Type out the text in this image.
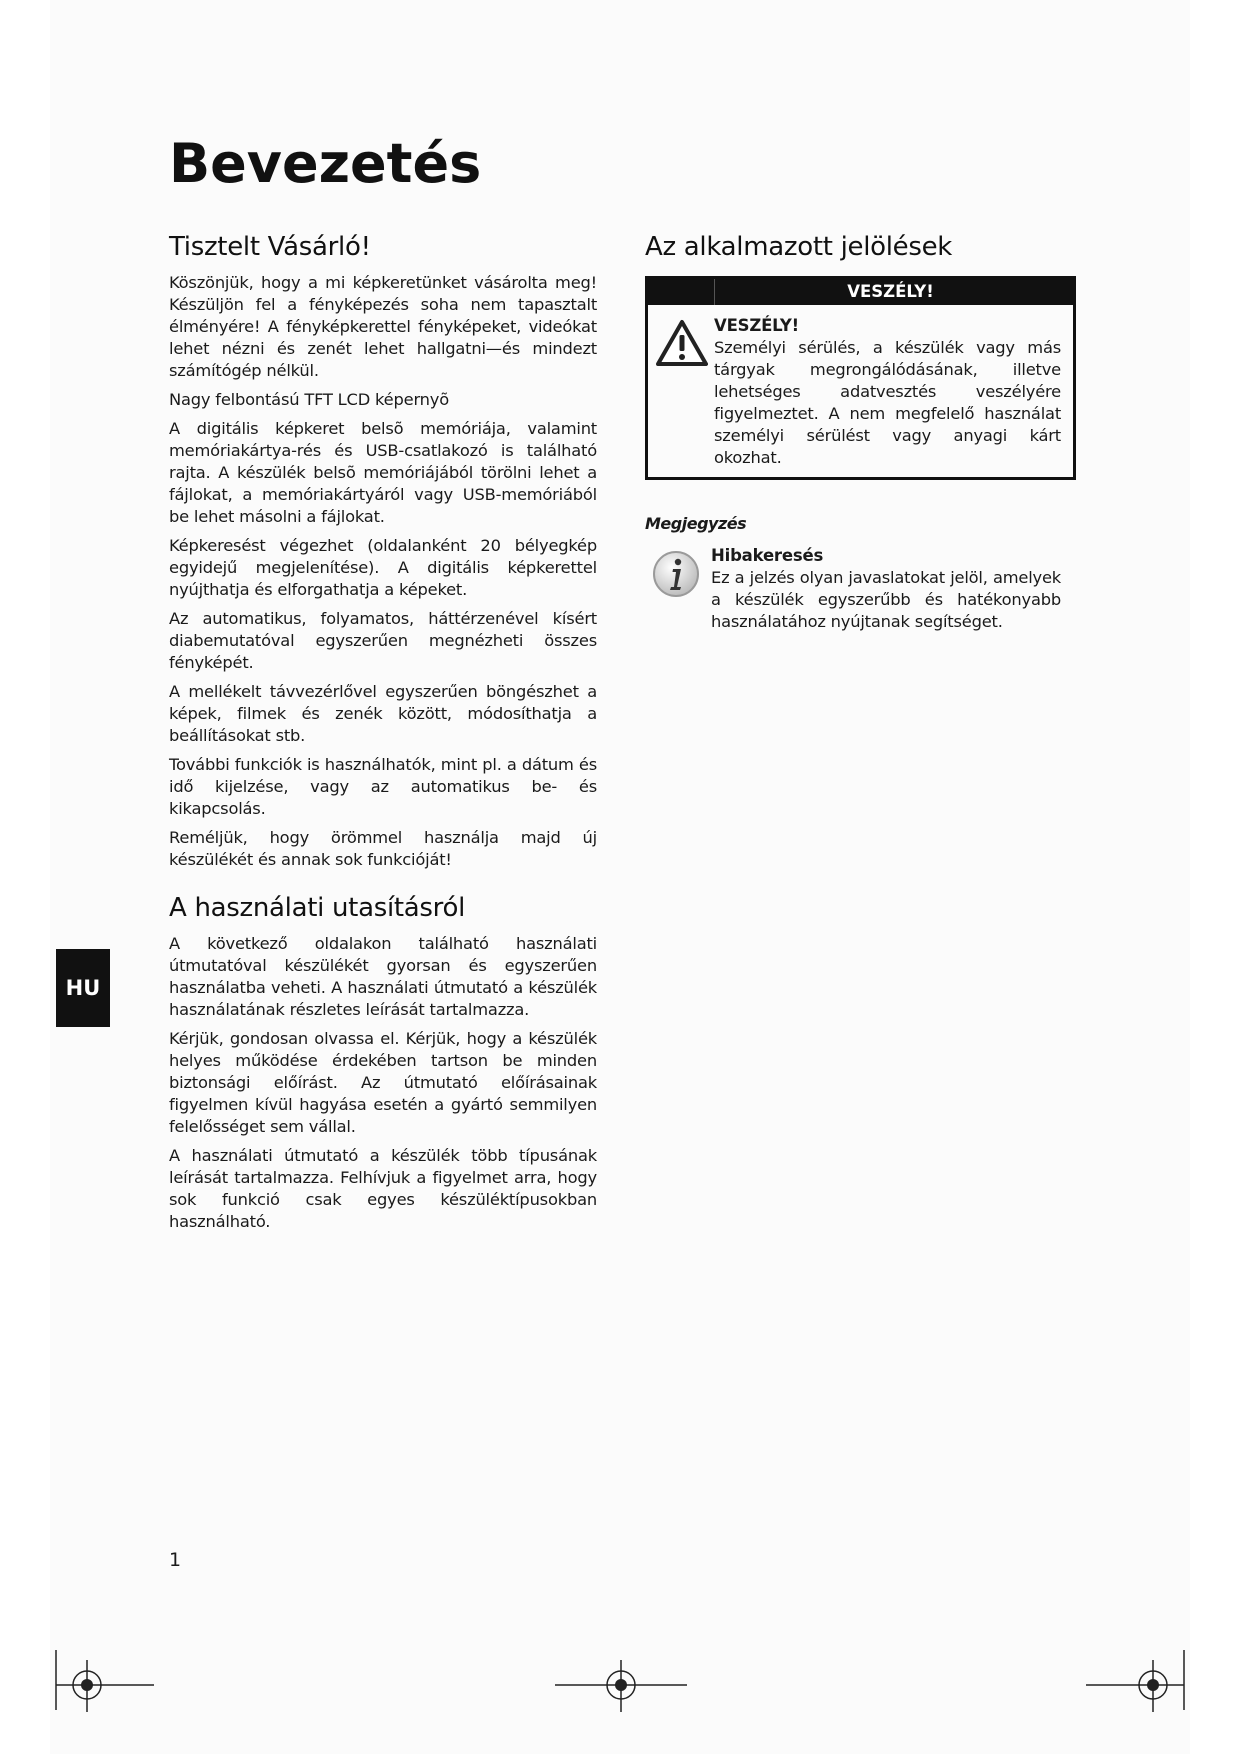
Bevezetés
Tisztelt Vásárló!

Köszönjük, hogy a mi képkeretünket vásárolta meg! Készüljön fel a fényképezés soha nem tapasztalt élményére! A fényképkerettel fényképeket, videókat lehet nézni és zenét lehet hallgatni—és mindezt számítógép nélkül.

Nagy felbontású TFT LCD képernyõ

A digitális képkeret belsõ memóriája, valamint memóriakártya-rés és USB-csatlakozó is található rajta. A készülék belsõ memóriájából törölni lehet a fájlokat, a memóriakártyáról vagy USB-memóriából be lehet másolni a fájlokat.

Képkeresést végezhet (oldalanként 20 bélyegkép egyidejű megjelenítése). A digitális képkerettel nyújthatja és elforgathatja a képeket.

Az automatikus, folyamatos, háttérzenével kísért diabemutatóval egyszerűen megnézheti összes fényképét.

A mellékelt távvezérlővel egyszerűen böngészhet a képek, filmek és zenék között, módosíthatja a beállításokat stb.

További funkciók is használhatók, mint pl. a dátum és idő kijelzése, vagy az automatikus be- és kikapcsolás.

Reméljük, hogy örömmel használja majd új készülékét és annak sok funkcióját!

A használati utasításról

A következő oldalakon található használati útmutatóval készülékét gyorsan és egyszerűen használatba veheti. A használati útmutató a készülék használatának részletes leírását tartalmazza.

Kérjük, gondosan olvassa el. Kérjük, hogy a készülék helyes működése érdekében tartson be minden biztonsági előírást. Az útmutató előírásainak figyelmen kívül hagyása esetén a gyártó semmilyen felelősséget sem vállal.

A használati útmutató a készülék több típusának leírását tartalmazza. Felhívjuk a figyelmet arra, hogy sok funkció csak egyes készüléktípusokban használható.

Az alkalmazott jelölések
VESZÉLY!

VESZÉLY!

Személyi sérülés, a készülék vagy más tárgyak megrongálódásának, illetve lehetséges adatvesztés veszélyére figyelmeztet. A nem megfelelő használat személyi sérülést vagy anyagi kárt okozhat.

Megjegyzés

Hibakeresés

Ez a jelzés olyan javaslatokat jelöl, amelyek a készülék egyszerűbb és hatékonyabb használatához nyújtanak segítséget.

HU
1
